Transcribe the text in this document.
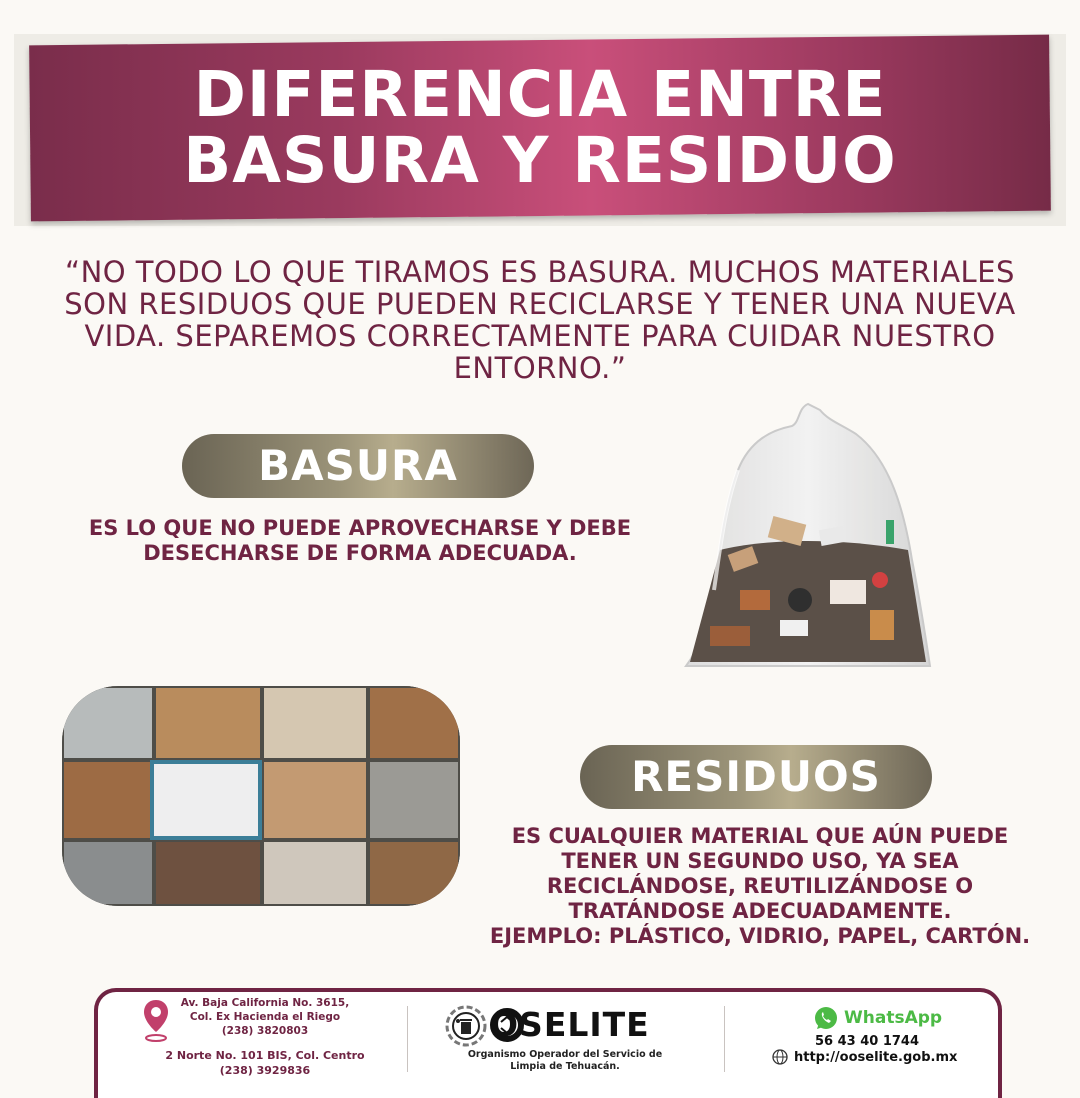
DIFERENCIA ENTRE
BASURA Y RESIDUO
“NO TODO LO QUE TIRAMOS ES BASURA. MUCHOS MATERIALES SON RESIDUOS QUE PUEDEN RECICLARSE Y TENER UNA NUEVA VIDA. SEPAREMOS CORRECTAMENTE PARA CUIDAR NUESTRO ENTORNO.”
BASURA
ES LO QUE NO PUEDE APROVECHARSE Y DEBE DESECHARSE DE FORMA ADECUADA.
RESIDUOS
ES CUALQUIER MATERIAL QUE AÚN PUEDE
TENER UN SEGUNDO USO, YA SEA
RECICLÁNDOSE, REUTILIZÁNDOSE O
TRATÁNDOSE ADECUADAMENTE.
EJEMPLO: PLÁSTICO, VIDRIO, PAPEL, CARTÓN.
Av. Baja California No. 3615,
Col. Ex Hacienda el Riego
(238) 3820803
2 Norte No. 101 BIS, Col. Centro
(238) 3929836
OSELITE
Organismo Operador del Servicio de
Limpia de Tehuacán.
WhatsApp
56 43 40 1744
http://ooselite.gob.mx
